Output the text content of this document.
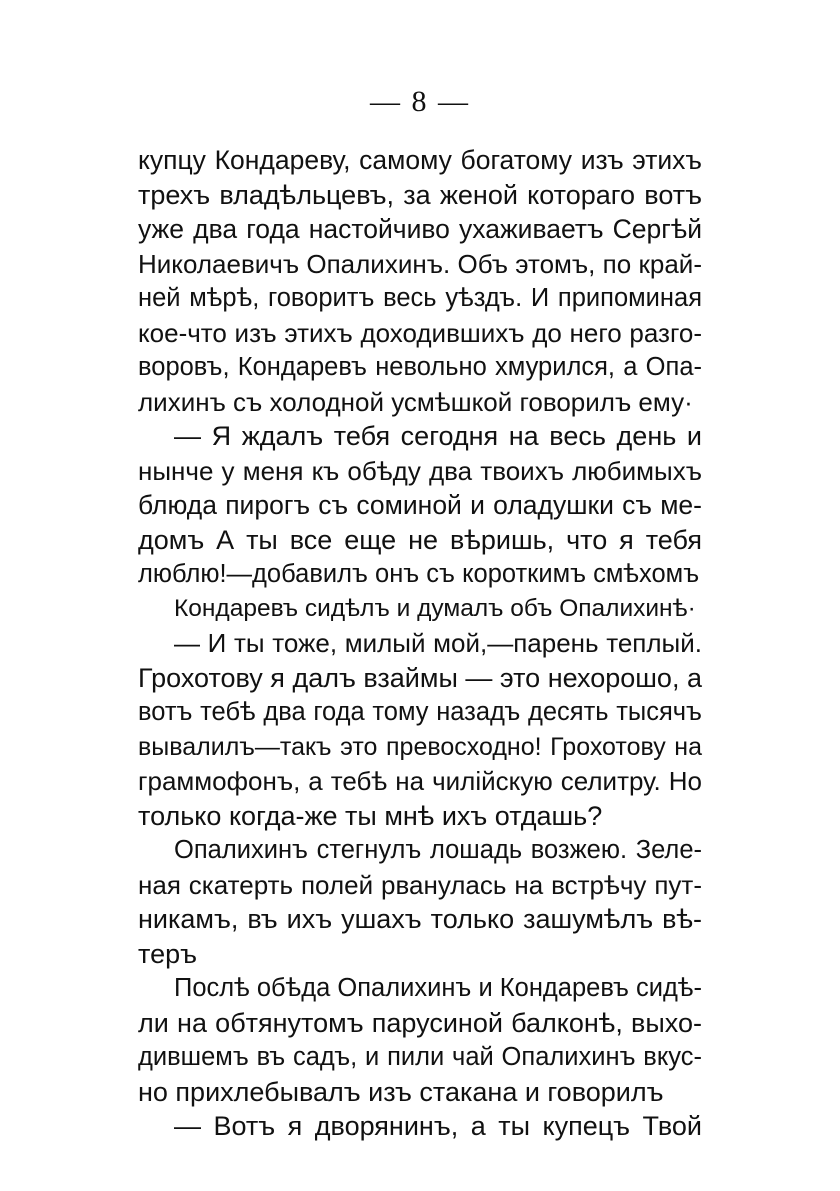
— 8 —
купцу Кондареву, самому богатому изъ этихъ
трехъ владѣльцевъ, за женой котораго вотъ
уже два года настойчиво ухаживаетъ Сергѣй
Николаевичъ Опалихинъ. Объ этомъ, по край-
ней мѣрѣ, говоритъ весь уѣздъ. И припоминая
кое-что изъ этихъ доходившихъ до него разго-
воровъ, Кондаревъ невольно хмурился, а Опа-
лихинъ съ холодной усмѣшкой говорилъ ему·
— Я ждалъ тебя сегодня на весь день и
нынче у меня къ обѣду два твоихъ любимыхъ
блюда пирогъ съ соминой и оладушки съ ме-
домъ А ты все еще не вѣришь, что я тебя
люблю!—добавилъ онъ съ короткимъ смѣхомъ
Кондаревъ сидѣлъ и думалъ объ Опалихинѣ·
— И ты тоже, милый мой,—парень теплый.
Грохотову я далъ взаймы — это нехорошо, а
вотъ тебѣ два года тому назадъ десять тысячъ
вывалилъ—такъ это превосходно! Грохотову на
граммофонъ, а тебѣ на чилійскую селитру. Но
только когда-же ты мнѣ ихъ отдашь?
Опалихинъ стегнулъ лошадь возжею. Зеле-
ная скатерть полей рванулась на встрѣчу пут-
никамъ, въ ихъ ушахъ только зашумѣлъ вѣ-
теръ
Послѣ обѣда Опалихинъ и Кондаревъ сидѣ-
ли на обтянутомъ парусиной балконѣ, выхо-
дившемъ въ садъ, и пили чай Опалихинъ вкус-
но прихлебывалъ изъ стакана и говорилъ
— Вотъ я дворянинъ, а ты купецъ Твой
